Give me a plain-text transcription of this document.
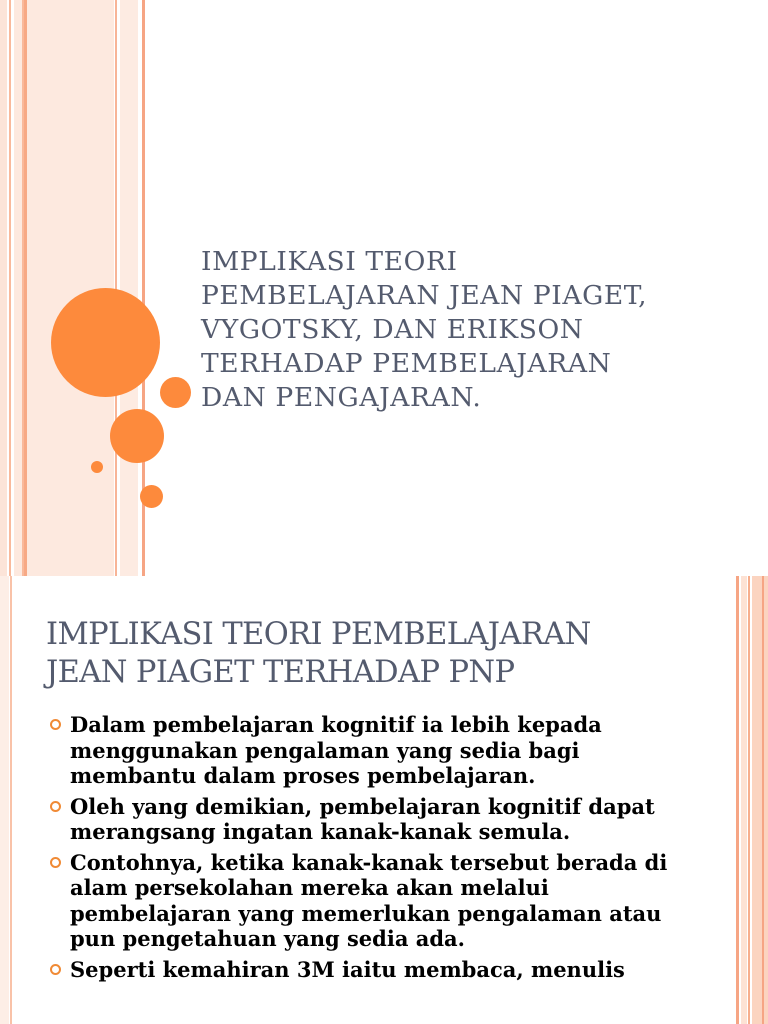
IMPLIKASI TEORI
PEMBELAJARAN JEAN PIAGET,
VYGOTSKY, DAN ERIKSON
TERHADAP PEMBELAJARAN
DAN PENGAJARAN.
IMPLIKASI TEORI PEMBELAJARAN
JEAN PIAGET TERHADAP PNP
Dalam pembelajaran kognitif ia lebih kepada menggunakan pengalaman yang sedia bagi membantu dalam proses pembelajaran.
Oleh yang demikian, pembelajaran kognitif dapat merangsang ingatan kanak-kanak semula.
Contohnya, ketika kanak-kanak tersebut berada di alam persekolahan mereka akan melalui pembelajaran yang memerlukan pengalaman atau pun pengetahuan yang sedia ada.
Seperti kemahiran 3M iaitu membaca, menulis
